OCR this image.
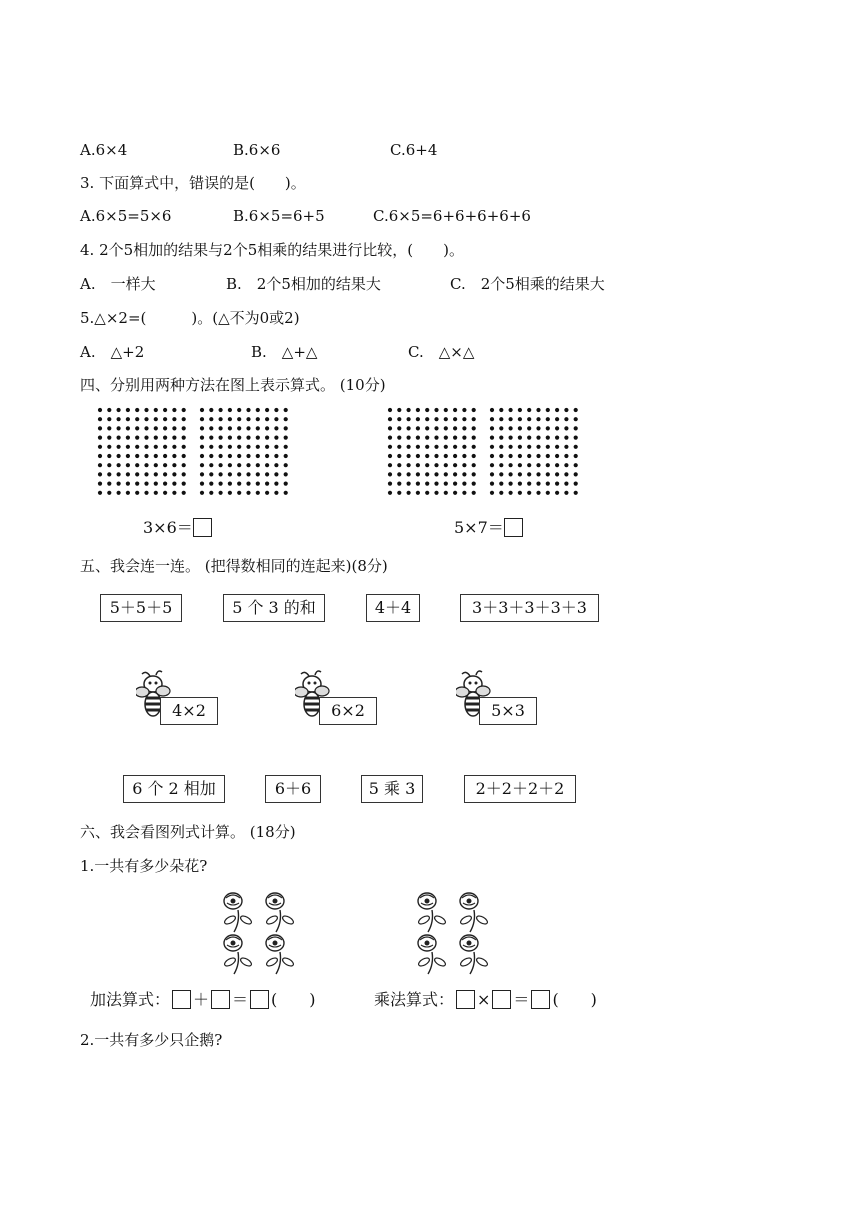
A.6×4	B.6×6	C.6+4
3. 下面算式中，错误的是(　　)。
A.6×5=5×6	B.6×5=6+5	C.6×5=6+6+6+6+6
4. 2个5相加的结果与2个5相乘的结果进行比较，(　　)。
A.　一样大	B.　2个5相加的结果大	C.　2个5相乘的结果大
5.△×2=(　　　)。(△不为0或2)
A.　△+2	B.　△+△	C.　△×△
四、分别用两种方法在图上表示算式。 (10分)
3×6＝	5×7＝
五、我会连一连。 (把得数相同的连起来)(8分)
5＋5＋5	5 个 3 的和	4＋4	3＋3＋3＋3＋3
4×2	6×2	5×3
6 个 2 相加	6＋6	5 乘 3	2＋2＋2＋2
六、我会看图列式计算。 (18分)
1.一共有多少朵花?
加法算式： ＋ ＝ (　　)	乘法算式： × ＝ (　　)
2.一共有多少只企鹅?
